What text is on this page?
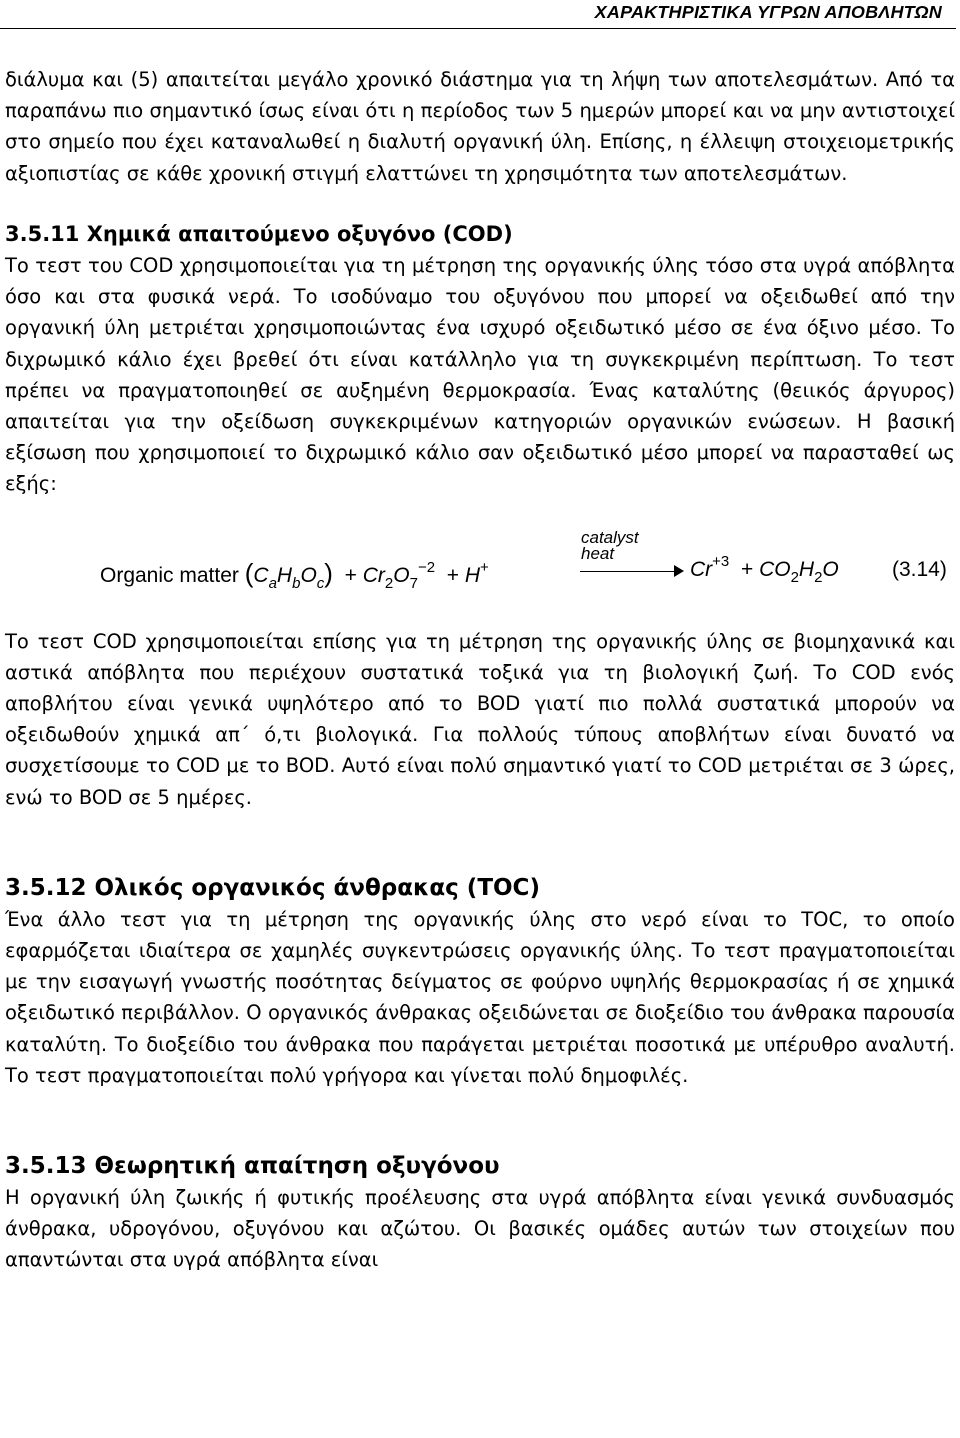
ΧΑΡΑΚΤΗΡΙΣΤΙΚΑ ΥΓΡΩΝ ΑΠΟΒΛΗΤΩΝ

διάλυμα και (5) απαιτείται μεγάλο χρονικό διάστημα για τη λήψη των αποτελεσμάτων. Από τα παραπάνω πιο σημαντικό ίσως είναι ότι η περίοδος των 5 ημερών μπορεί και να μην αντιστοιχεί στο σημείο που έχει καταναλωθεί η διαλυτή οργανική ύλη. Επίσης, η έλλειψη στοιχειομετρικής αξιοπιστίας σε κάθε χρονική στιγμή ελαττώνει τη χρησιμότητα των αποτελεσμάτων.

3.5.11 Χημικά απαιτούμενο οξυγόνο (COD)

Το τεστ του COD χρησιμοποιείται για τη μέτρηση της οργανικής ύλης τόσο στα υγρά απόβλητα όσο και στα φυσικά νερά. Το ισοδύναμο του οξυγόνου που μπορεί να οξειδωθεί από την οργανική ύλη μετριέται χρησιμοποιώντας ένα ισχυρό οξειδωτικό μέσο σε ένα όξινο μέσο. Το διχρωμικό κάλιο έχει βρεθεί ότι είναι κατάλληλο για τη συγκεκριμένη περίπτωση. Το τεστ πρέπει να πραγματοποιηθεί σε αυξημένη θερμοκρασία. Ένας καταλύτης (θειικός άργυρος) απαιτείται για την οξείδωση συγκεκριμένων κατηγοριών οργανικών ενώσεων. Η βασική εξίσωση που χρησιμοποιεί το διχρωμικό κάλιο σαν οξειδωτικό μέσο μπορεί να παρασταθεί ως εξής:

Organic matter $(C_aH_bO_c) + Cr_2O_7^{-2} + H^+$
catalyst
heat
$Cr^{+3} + CO_2H_2O$	(3.14)

Το τεστ COD χρησιμοποιείται επίσης για τη μέτρηση της οργανικής ύλης σε βιομηχανικά και αστικά απόβλητα που περιέχουν συστατικά τοξικά για τη βιολογική ζωή. Το COD ενός αποβλήτου είναι γενικά υψηλότερο από το BOD γιατί πιο πολλά συστατικά μπορούν να οξειδωθούν χημικά απ΄ ό,τι βιολογικά. Για πολλούς τύπους αποβλήτων είναι δυνατό να συσχετίσουμε το COD με το BOD. Αυτό είναι πολύ σημαντικό γιατί το COD μετριέται σε 3 ώρες, ενώ το BOD σε 5 ημέρες.

3.5.12 Ολικός οργανικός άνθρακας (TOC)

Ένα άλλο τεστ για τη μέτρηση της οργανικής ύλης στο νερό είναι το TOC, το οποίο εφαρμόζεται ιδιαίτερα σε χαμηλές συγκεντρώσεις οργανικής ύλης. Το τεστ πραγματοποιείται με την εισαγωγή γνωστής ποσότητας δείγματος σε φούρνο υψηλής θερμοκρασίας ή σε χημικά οξειδωτικό περιβάλλον. Ο οργανικός άνθρακας οξειδώνεται σε διοξείδιο του άνθρακα παρουσία καταλύτη. Το διοξείδιο του άνθρακα που παράγεται μετριέται ποσοτικά με υπέρυθρο αναλυτή. Το τεστ πραγματοποιείται πολύ γρήγορα και γίνεται πολύ δημοφιλές.

3.5.13 Θεωρητική απαίτηση οξυγόνου

Η οργανική ύλη ζωικής ή φυτικής προέλευσης στα υγρά απόβλητα είναι γενικά συνδυασμός άνθρακα, υδρογόνου, οξυγόνου και αζώτου. Οι βασικές ομάδες αυτών των στοιχείων που απαντώνται στα υγρά απόβλητα είναι
